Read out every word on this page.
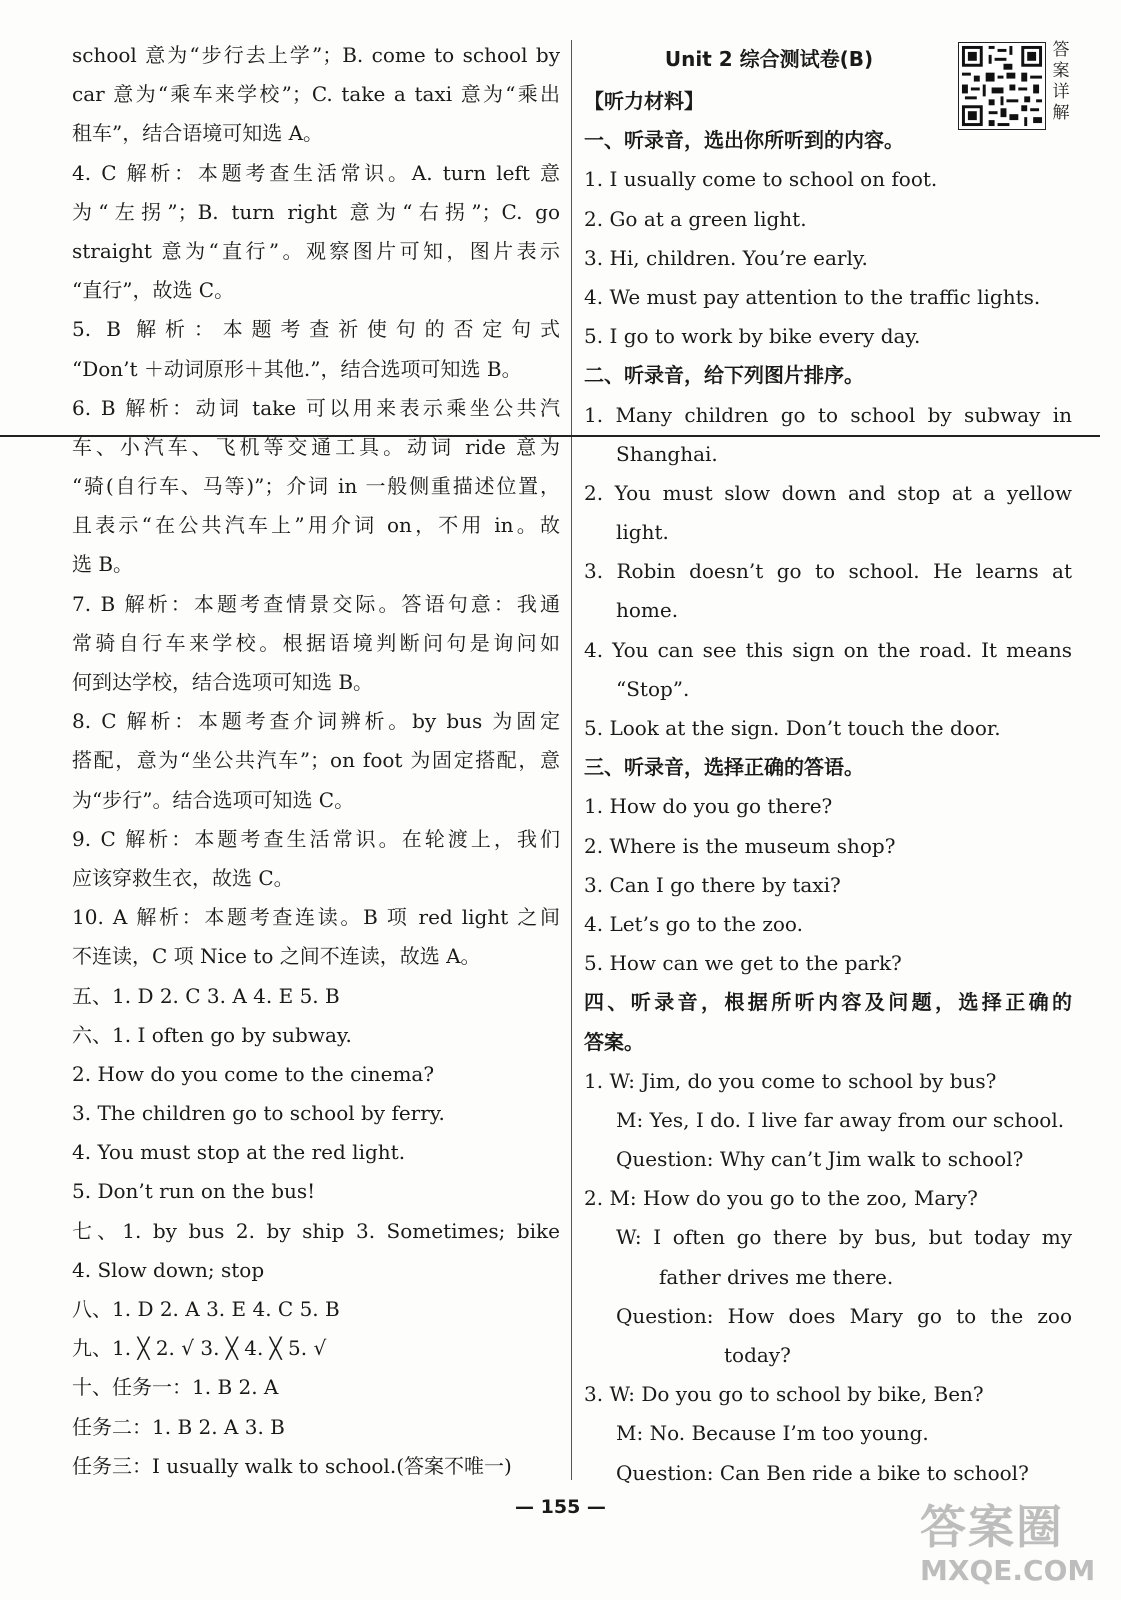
school 意为“步行去上学”；B. come to school by
car 意为“乘车来学校”；C. take a taxi 意为“乘出
租车”，结合语境可知选 A。
4. C 解析：本题考查生活常识。A. turn left 意
为“左拐”；B. turn right 意为“右拐”；C. go
straight 意为“直行”。观察图片可知，图片表示
“直行”，故选 C。
5. B 解析：本题考查祈使句的否定句式
“Don’t ＋动词原形＋其他.”，结合选项可知选 B。
6. B 解析：动词 take 可以用来表示乘坐公共汽
车、小汽车、飞机等交通工具。动词 ride 意为
“骑(自行车、马等)”；介词 in 一般侧重描述位置，
且表示“在公共汽车上”用介词 on，不用 in。故
选 B。
7. B 解析：本题考查情景交际。答语句意：我通
常骑自行车来学校。根据语境判断问句是询问如
何到达学校，结合选项可知选 B。
8. C 解析：本题考查介词辨析。by bus 为固定
搭配，意为“坐公共汽车”；on foot 为固定搭配，意
为“步行”。结合选项可知选 C。
9. C 解析：本题考查生活常识。在轮渡上，我们
应该穿救生衣，故选 C。
10. A 解析：本题考查连读。B 项 red light 之间
不连读，C 项 Nice to 之间不连读，故选 A。
五、1. D 2. C 3. A 4. E 5. B
六、1. I often go by subway.
2. How do you come to the cinema?
3. The children go to school by ferry.
4. You must stop at the red light.
5. Don’t run on the bus!
七、1. by bus 2. by ship 3. Sometimes; bike
4. Slow down; stop
八、1. D 2. A 3. E 4. C 5. B
九、1. ╳ 2. √ 3. ╳ 4. ╳ 5. √
十、任务一：1. B 2. A
任务二：1. B 2. A 3. B
任务三：I usually walk to school.(答案不唯一)
Unit 2 综合测试卷(B)
【听力材料】
一、听录音，选出你所听到的内容。
1. I usually come to school on foot.
2. Go at a green light.
3. Hi, children. You’re early.
4. We must pay attention to the traffic lights.
5. I go to work by bike every day.
二、听录音，给下列图片排序。
1. Many children go to school by subway in
Shanghai.
2. You must slow down and stop at a yellow
light.
3. Robin doesn’t go to school. He learns at
home.
4. You can see this sign on the road. It means
“Stop”.
5. Look at the sign. Don’t touch the door.
三、听录音，选择正确的答语。
1. How do you go there?
2. Where is the museum shop?
3. Can I go there by taxi?
4. Let’s go to the zoo.
5. How can we get to the park?
四、听录音，根据所听内容及问题，选择正确的
答案。
1. W: Jim, do you come to school by bus?
M: Yes, I do. I live far away from our school.
Question: Why can’t Jim walk to school?
2. M: How do you go to the zoo, Mary?
W: I often go there by bus, but today my
father drives me there.
Question: How does Mary go to the zoo
today?
3. W: Do you go to school by bike, Ben?
M: No. Because I’m too young.
Question: Can Ben ride a bike to school?
答
案
详
解
— 155 —	答案圈
MXQE.COM
